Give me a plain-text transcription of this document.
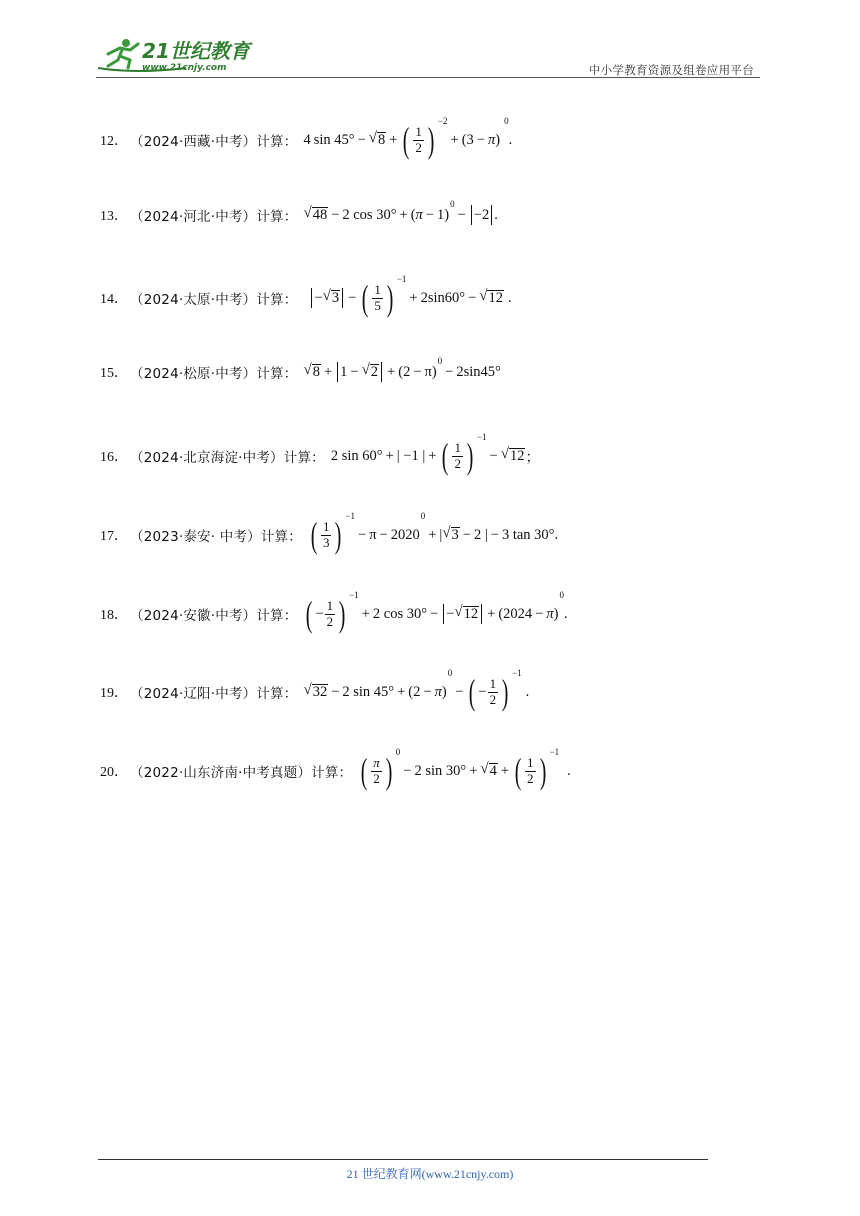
21世纪教育
www.21cnjy.com	中小学教育资源及组卷应用平台
12． （2024·西藏·中考）计算： 4 sin 45° − √ 8 + ( $\frac{1}{2}$ ) −2
+ (3 − π )
0
.
13． （2024·河北·中考）计算： √ 48 − 2 cos 30° + ( π − 1)
0
− −2 .
14． （2024·太原·中考）计算：	− √ 3 − ( $\frac{1}{5}$ ) −1
+ 2sin60° − √ 12 .
15． （2024·松原·中考）计算： √ 8 + 1 − √ 2 + (2 − π)
0
− 2sin45°
16． （2024·北京海淀·中考）计算： 2 sin 60° + | −1 | + ( $\frac{1}{2}$ ) −1
− √ 12 ；
17． （2023·泰安· 中考）计算： ( $\frac{1}{3}$ ) −1
− π − 2020
0
+ | √ 3 − 2 | − 3 tan 30°.
18． （2024·安徽·中考）计算： ( − $\frac{1}{2}$ ) −1
+ 2 cos 30° − − √ 12 + (2024 − π )
0
.
19． （2024·辽阳·中考）计算： √ 32 − 2 sin 45° + (2 − π )
0
− ( − $\frac{1}{2}$ ) −1
.
20． （2022·山东济南·中考真题）计算： ( $\frac{\pi}{2}$ ) 0
− 2 sin 30° + √ 4 + ( $\frac{1}{2}$ ) −1
.
21 世纪教育网(www.21cnjy.com)
